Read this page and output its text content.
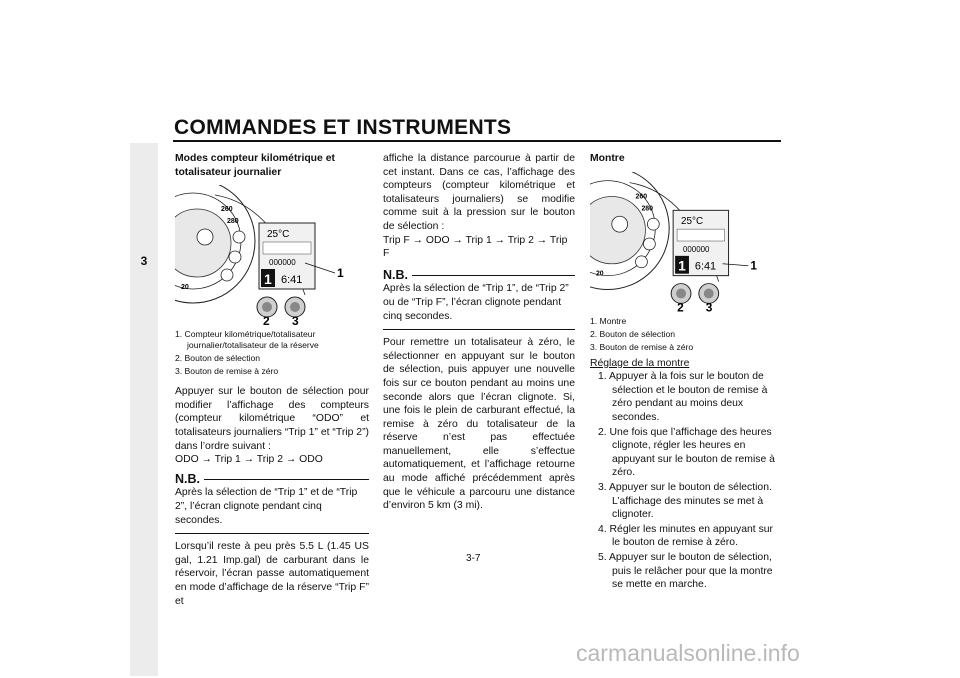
COMMANDES ET INSTRUMENTS
3

Modes compteur kilométrique et totalisateur journalier

260
280
20
25°C
000000
1 6:41	1
2 3
1. Compteur kilométrique/totalisateur journalier/totalisateur de la réserve
2. Bouton de sélection
3. Bouton de remise à zéro

Appuyer sur le bouton de sélection pour modifier l’affichage des compteurs (compteur kilométrique “ODO” et totalisateurs journaliers “Trip 1” et “Trip 2”) dans l’ordre suivant :

ODO → Trip 1 → Trip 2 → ODO

N.B.

Après la sélection de “Trip 1” et de “Trip 2”, l’écran clignote pendant cinq secondes.

Lorsqu’il reste à peu près 5.5 L (1.45 US gal, 1.21 Imp.gal) de carburant dans le réservoir, l’écran passe automatiquement en mode d’affichage de la réserve “Trip F” et

affiche la distance parcourue à partir de cet instant. Dans ce cas, l’affichage des compteurs (compteur kilométrique et totalisateurs journaliers) se modifie comme suit à la pression sur le bouton de sélection :

Trip F → ODO → Trip 1 → Trip 2 → Trip F

N.B.

Après la sélection de “Trip 1”, de “Trip 2” ou de “Trip F”, l’écran clignote pendant cinq secondes.

Pour remettre un totalisateur à zéro, le sélectionner en appuyant sur le bouton de sélection, puis appuyer une nouvelle fois sur ce bouton pendant au moins une seconde alors que l’écran clignote. Si, une fois le plein de carburant effectué, la remise à zéro du totalisateur de la réserve n’est pas effectuée manuellement, elle s’effectue automatiquement, et l’affichage retourne au mode affiché précédemment après que le véhicule a parcouru une distance d’environ 5 km (3 mi).

Montre

260
280
20
25°C
000000
1 6:41	1
2 3
1. Montre
2. Bouton de sélection
3. Bouton de remise à zéro

Réglage de la montre

1. Appuyer à la fois sur le bouton de sélection et le bouton de remise à zéro pendant au moins deux secondes.
2. Une fois que l’affichage des heures clignote, régler les heures en appuyant sur le bouton de remise à zéro.
3. Appuyer sur le bouton de sélection. L’affichage des minutes se met à clignoter.
4. Régler les minutes en appuyant sur le bouton de remise à zéro.
5. Appuyer sur le bouton de sélection, puis le relâcher pour que la montre se mette en marche.
3-7
carmanualsonline.info
